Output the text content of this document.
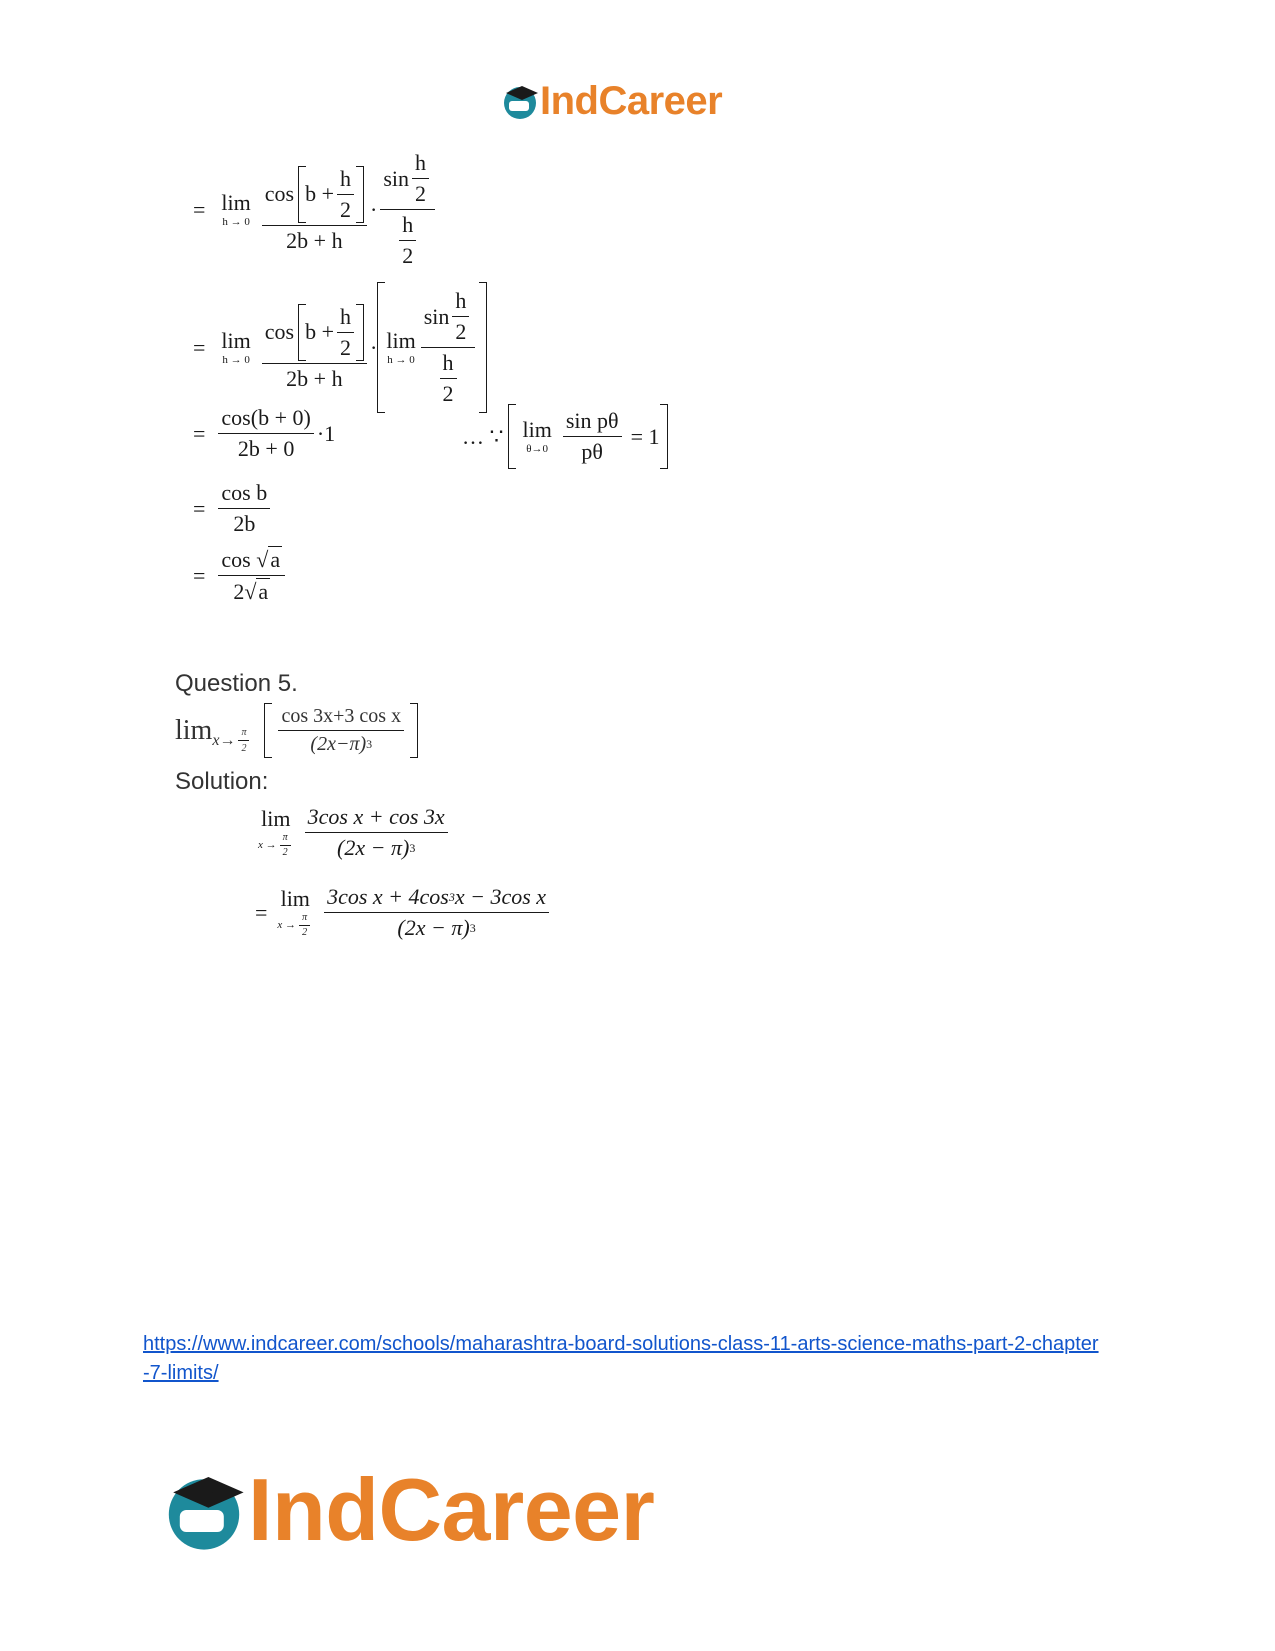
IndCareer
= lim
$h \to 0 \frac{\cos b + \frac{h}{2}}{2b + h} \cdot \frac{\sin \frac{h}{2}}{\frac{h}{2}}$
= lim
$h \to 0 \frac{\cos b + \frac{h}{2}}{2b + h} \cdot \lim$
$h \to 0 \frac{\sin \frac{h}{2}}{\frac{h}{2}}$
= $\frac{\cos(b + 0)}{2b + 0} \cdot 1$	… ∵ lim
$\theta\to 0 \frac{\text{sin pθ}}{p\theta} = 1$
= $\frac{\text{cos b}}{2b}$
= $\frac{\cos √ a}{2 √ a}$
Question 5.
$\lim x\to \frac{\pi}{2} \frac{\text{cos 3x+3 cos x}}{(2x-\pi) 3}$
Solution:
lim
$x \to \frac{\pi}{2} \frac{\text{3cos x + cos 3x}}{(2x - \pi) 3}$
=
lim
$x \to \frac{\pi}{2} \frac{\text{3cos x + 4cos 3 x − 3cos x}}{(2x - \pi) 3}$
https://www.indcareer.com/schools/maharashtra-board-solutions-class-11-arts-science-maths-part-2-chapter-7-limits/
IndCareer
